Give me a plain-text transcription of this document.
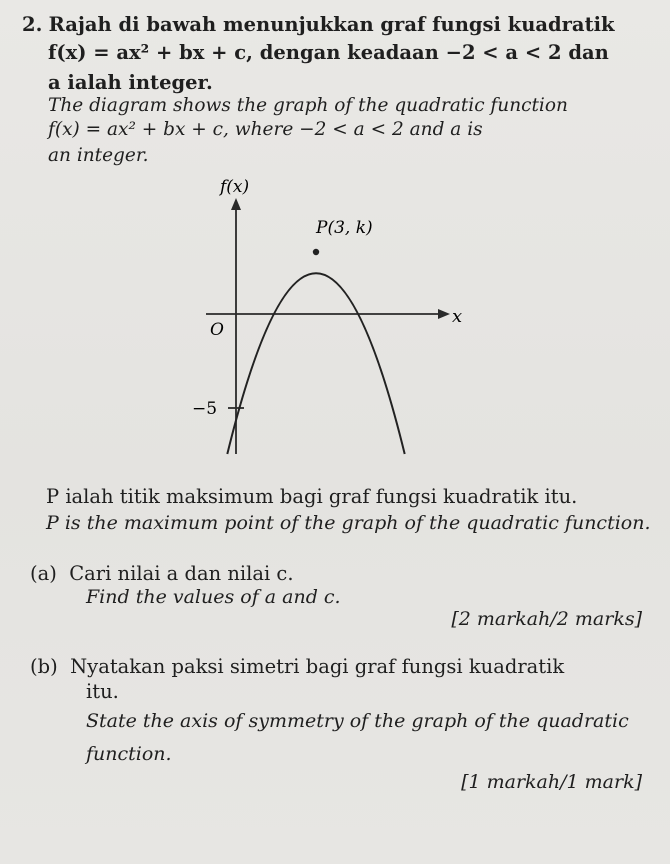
2. Rajah di bawah menunjukkan graf fungsi kuadratik
f(x) = ax² + bx + c, dengan keadaan −2 < a < 2 dan
a ialah integer.
The diagram shows the graph of the quadratic function
f(x) = ax² + bx + c, where −2 < a < 2 and a is
an integer.
f(x)
x
O
−5
P(3, k)
P ialah titik maksimum bagi graf fungsi kuadratik itu.
P is the maximum point of the graph of the quadratic function.
(a) Cari nilai a dan nilai c.
Find the values of a and c.
[2 markah/2 marks]
(b) Nyatakan paksi simetri bagi graf fungsi kuadratik
itu.
State the axis of symmetry of the graph of the quadratic
function.
[1 markah/1 mark]
